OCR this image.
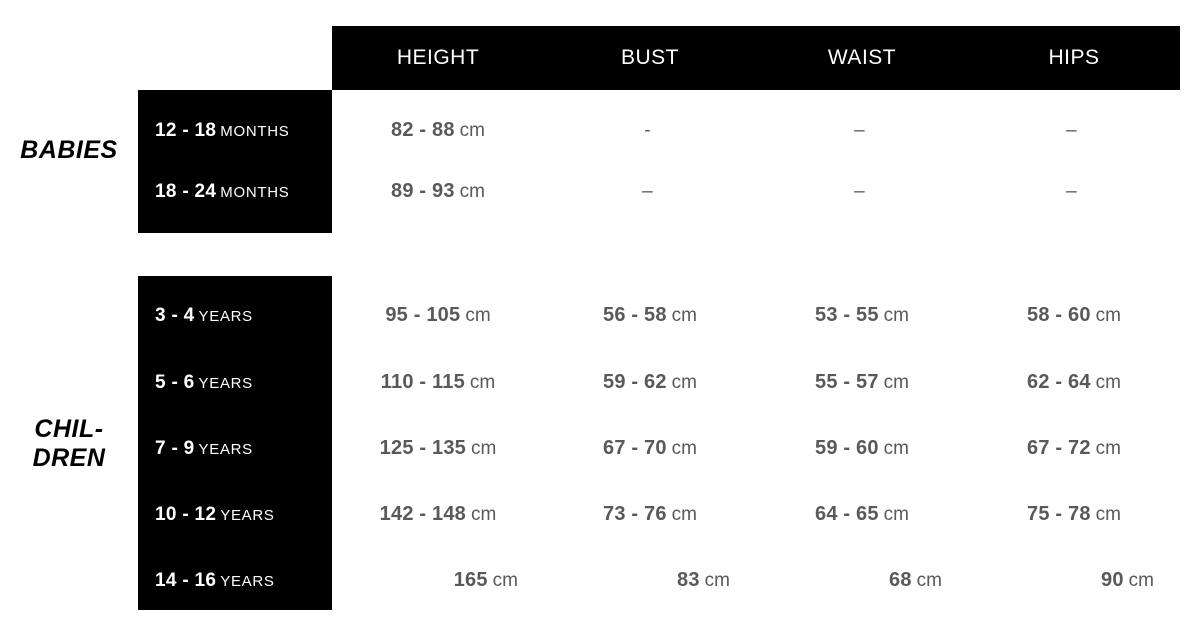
HEIGHT	BUST	WAIST	HIPS
BABIES
12 - 18 MONTHS	82 - 88 cm	-	–	–
18 - 24 MONTHS	89 - 93 cm	–	–	–
CHIL-
DREN
3 - 4 YEARS	95 - 105 cm	56 - 58 cm	53 - 55 cm	58 - 60 cm
5 - 6 YEARS	110 - 115 cm	59 - 62 cm	55 - 57 cm	62 - 64 cm
7 - 9 YEARS	125 - 135 cm	67 - 70 cm	59 - 60 cm	67 - 72 cm
10 - 12 YEARS	142 - 148 cm	73 - 76 cm	64 - 65 cm	75 - 78 cm
14 - 16 YEARS	165 cm	83 cm	68 cm	90 cm
